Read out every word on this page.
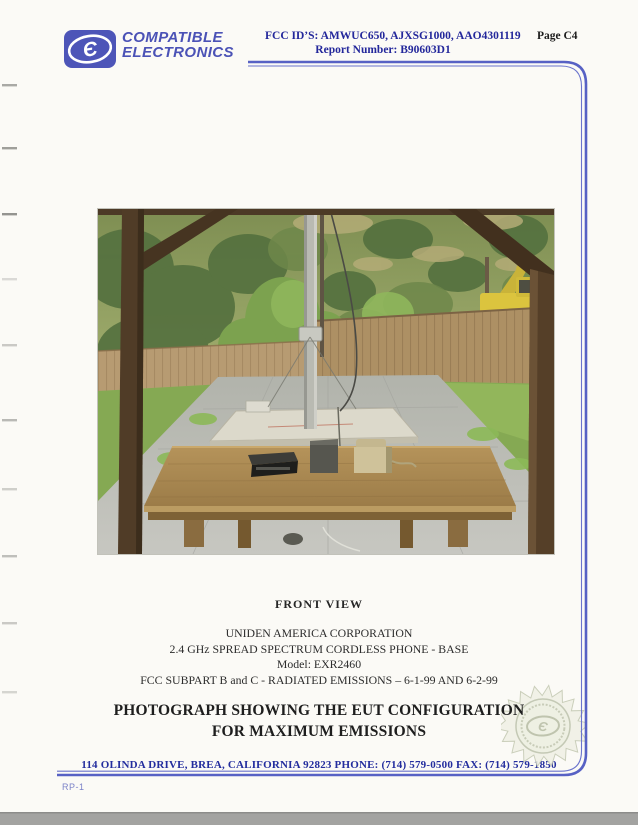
Є
COMPATIBLE
ELECTRONICS
FCC ID’S: AMWUC650, AJXSG1000, AAO4301119 Page C4
Report Number: B90603D1
FRONT VIEW
UNIDEN AMERICA CORPORATION
2.4 GHz SPREAD SPECTRUM CORDLESS PHONE - BASE
Model: EXR2460
FCC SUBPART B and C - RADIATED EMISSIONS – 6-1-99 AND 6-2-99
PHOTOGRAPH SHOWING THE EUT CONFIGURATION
FOR MAXIMUM EMISSIONS	Є
114 OLINDA DRIVE, BREA, CALIFORNIA 92823 PHONE: (714) 579-0500 FAX: (714) 579-1850
RP-1
